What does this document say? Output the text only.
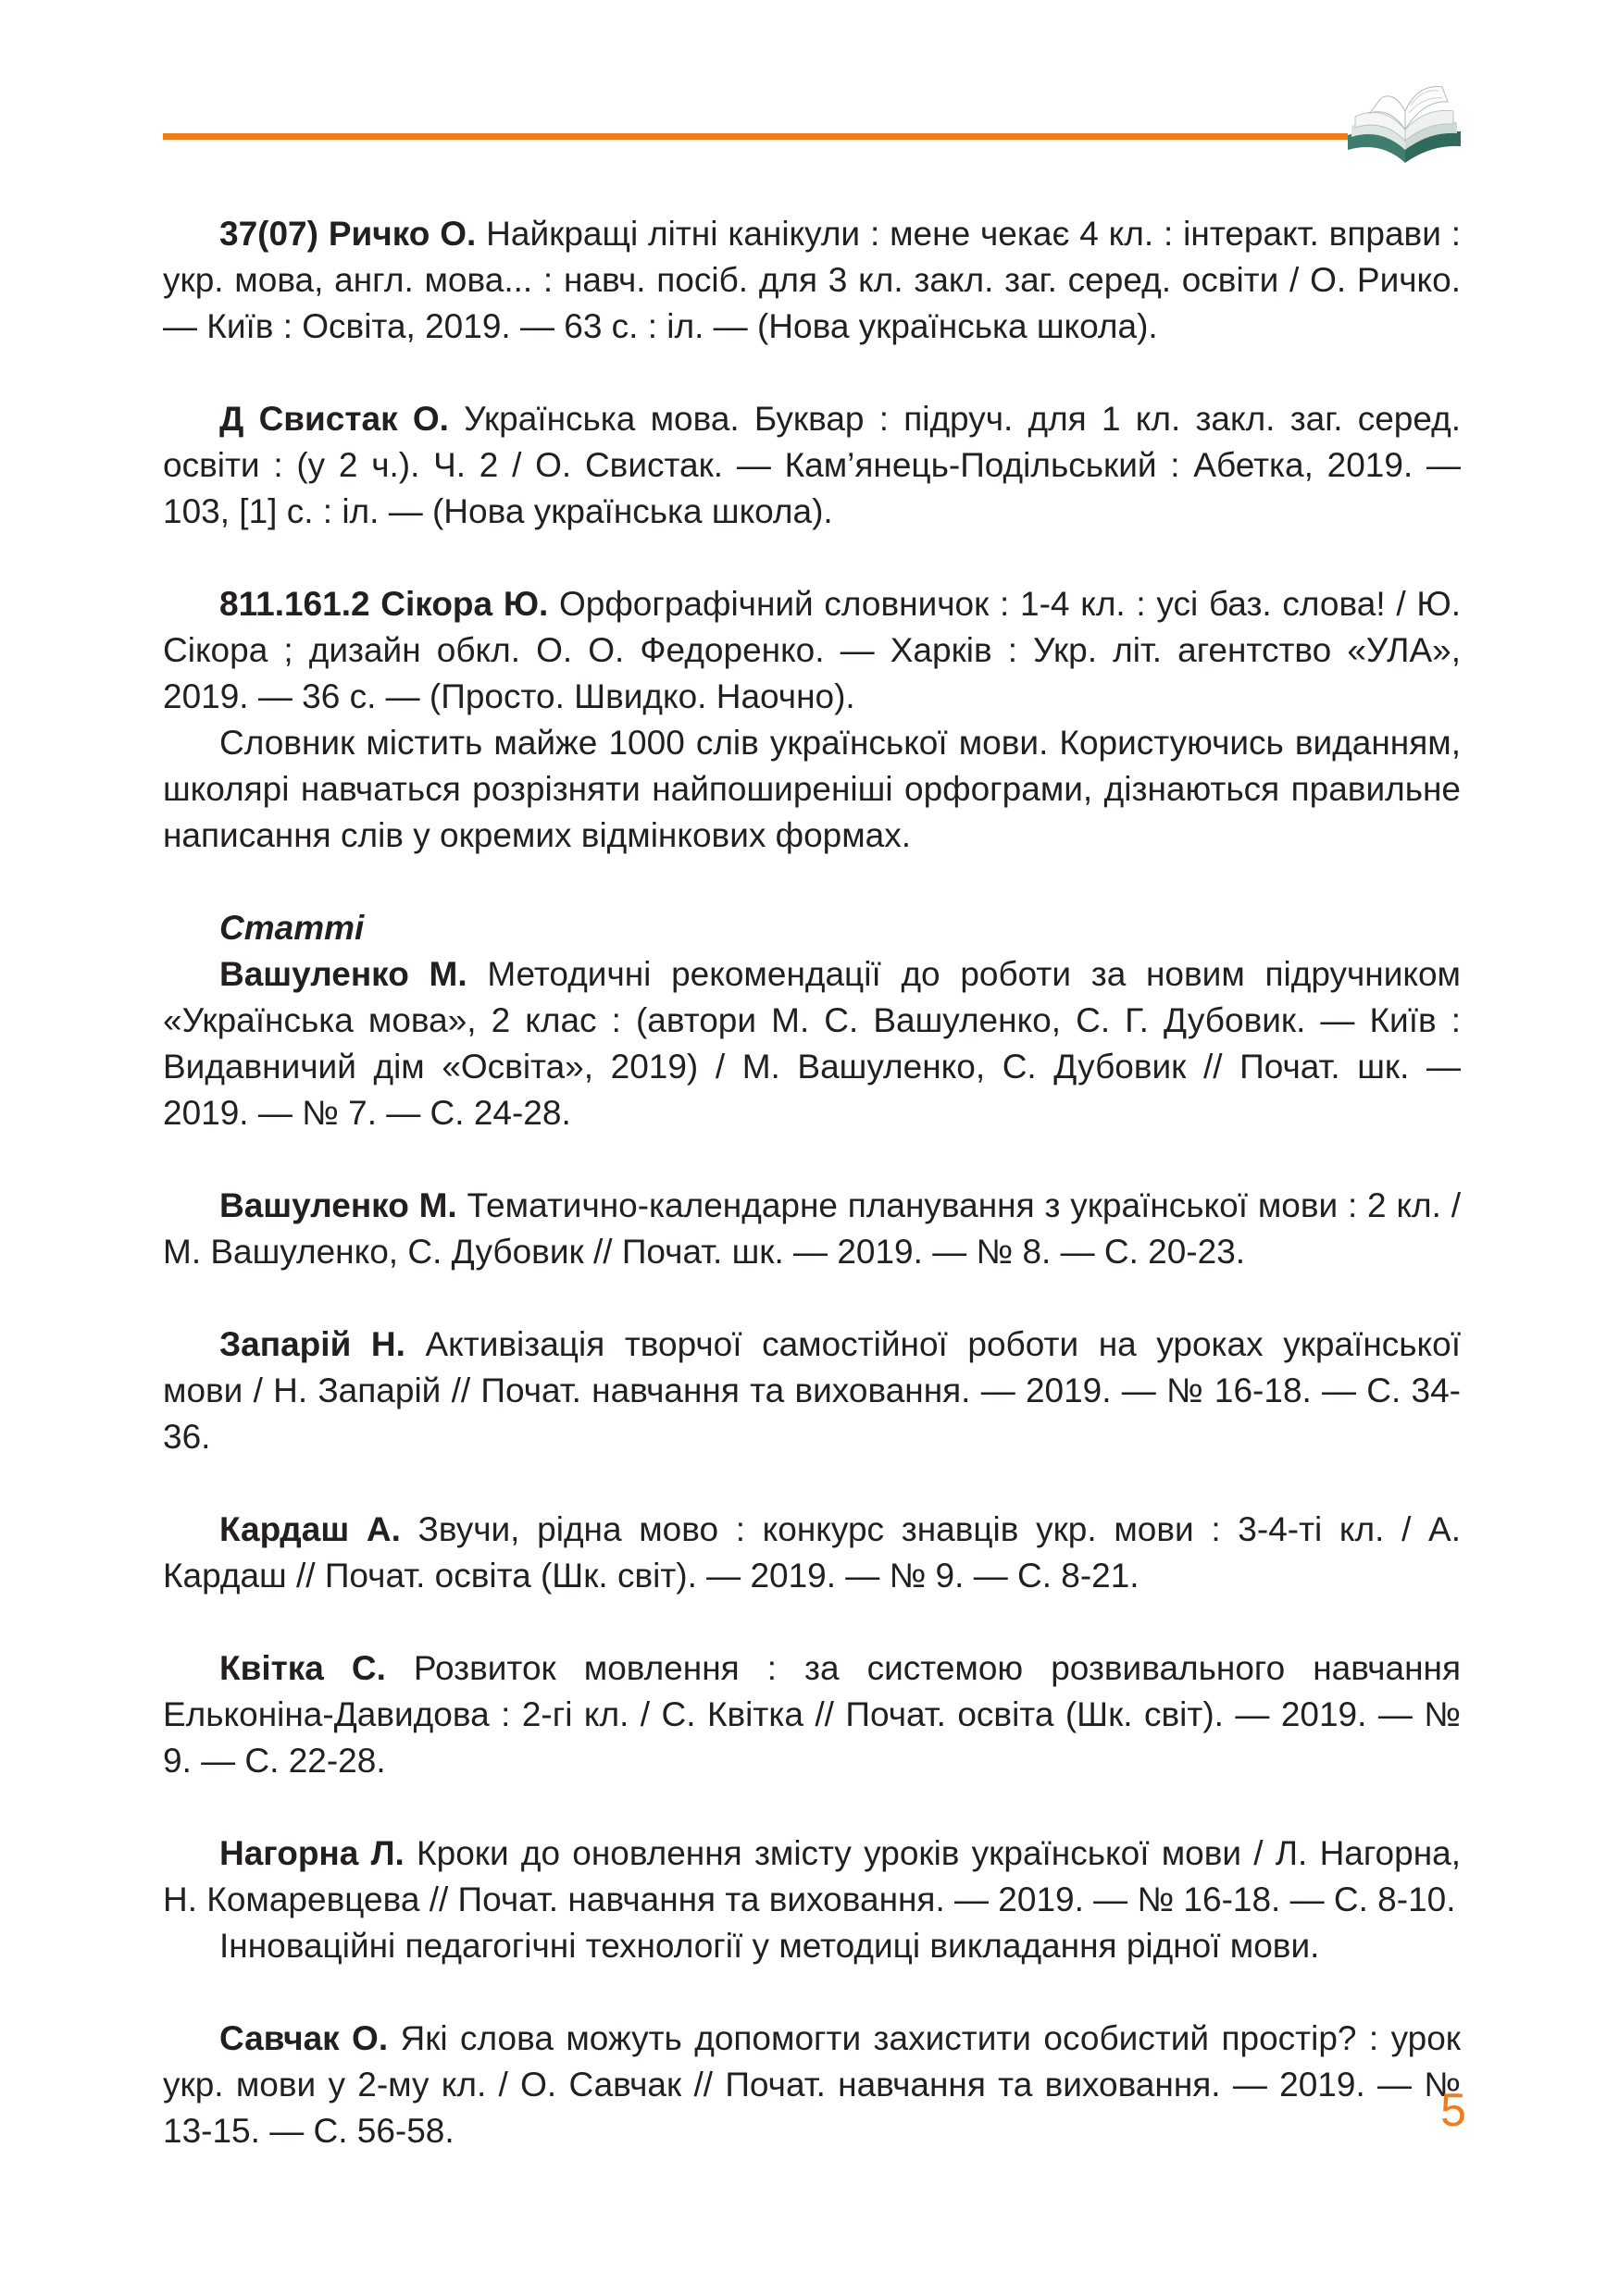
37(07) Ричко О. Найкращі літні канікули : мене чекає 4 кл. : інтеракт. вправи : укр. мова, англ. мова... : навч. посіб. для 3 кл. закл. заг. серед. освіти / О. Ричко. — Київ : Освіта, 2019. — 63 с. : іл. — (Нова українська школа).

Д Свистак О. Українська мова. Буквар : підруч. для 1 кл. закл. заг. серед. освіти : (у 2 ч.). Ч. 2 / О. Свистак. — Кам’янець-Подільський : Абетка, 2019. — 103, [1] с. : іл. — (Нова українська школа).

811.161.2 Сікора Ю. Орфографічний словничок : 1-4 кл. : усі баз. слова! / Ю. Сікора ; дизайн обкл. О. О. Федоренко. — Харків : Укр. літ. агентство «УЛА», 2019. — 36 с. — (Просто. Швидко. Наочно).

Словник містить майже 1000 слів української мови. Користуючись виданням, школярі навчаться розрізняти найпоширеніші орфограми, дізнаються правильне написання слів у окремих відмінкових формах.

Статті

Вашуленко М. Методичні рекомендації до роботи за новим підручником «Українська мова», 2 клас : (автори М. С. Вашуленко, С. Г. Дубовик. — Київ : Видавничий дім «Освіта», 2019) / М. Вашуленко, С. Дубовик // Почат. шк. — 2019. — № 7. — С. 24-28.

Вашуленко М. Тематично-календарне планування з української мови : 2 кл. / М. Вашуленко, С. Дубовик // Почат. шк. — 2019. — № 8. — С. 20-23.

Запарій Н. Активізація творчої самостійної роботи на уроках української мови / Н. Запарій // Почат. навчання та виховання. — 2019. — № 16-18. — С. 34-36.

Кардаш А. Звучи, рідна мово : конкурс знавців укр. мови : 3-4-ті кл. / А. Кардаш // Почат. освіта (Шк. світ). — 2019. — № 9. — С. 8-21.

Квітка С. Розвиток мовлення : за системою розвивального навчання Ельконіна-Давидова : 2-гі кл. / С. Квітка // Почат. освіта (Шк. світ). — 2019. — № 9. — С. 22-28.

Нагорна Л. Кроки до оновлення змісту уроків української мови / Л. Нагорна, Н. Комаревцева // Почат. навчання та виховання. — 2019. — № 16-18. — С. 8-10.

Інноваційні педагогічні технології у методиці викладання рідної мови.

Савчак О. Які слова можуть допомогти захистити особистий простір? : урок укр. мови у 2-му кл. / О. Савчак // Почат. навчання та виховання. — 2019. — № 13-15. — С. 56-58.	5
